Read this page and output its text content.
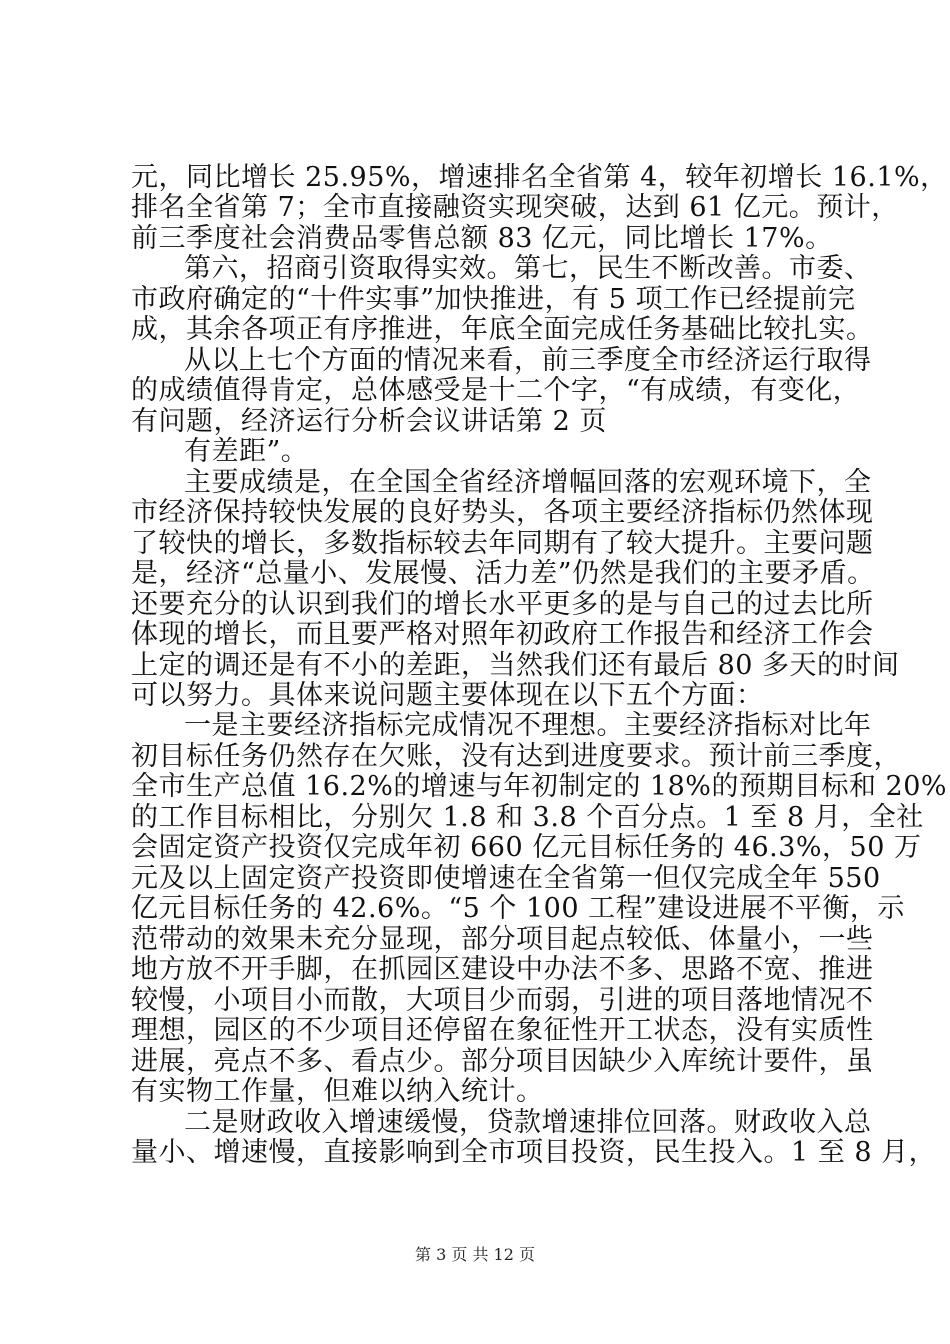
元，同比增长 25.95%，增速排名全省第 4，较年初增长 16.1%，
排名全省第 7；全市直接融资实现突破，达到 61 亿元。预计，
前三季度社会消费品零售总额 83 亿元，同比增长 17%。
第六，招商引资取得实效。第七，民生不断改善。市委、
市政府确定的“十件实事”加快推进，有 5 项工作已经提前完
成，其余各项正有序推进，年底全面完成任务基础比较扎实。
从以上七个方面的情况来看，前三季度全市经济运行取得
的成绩值得肯定，总体感受是十二个字，“有成绩，有变化，
有问题，经济运行分析会议讲话第 2 页
有差距”。
主要成绩是，在全国全省经济增幅回落的宏观环境下，全
市经济保持较快发展的良好势头，各项主要经济指标仍然体现
了较快的增长，多数指标较去年同期有了较大提升。主要问题
是，经济“总量小、发展慢、活力差”仍然是我们的主要矛盾。
还要充分的认识到我们的增长水平更多的是与自己的过去比所
体现的增长，而且要严格对照年初政府工作报告和经济工作会
上定的调还是有不小的差距，当然我们还有最后 80 多天的时间
可以努力。具体来说问题主要体现在以下五个方面：
一是主要经济指标完成情况不理想。主要经济指标对比年
初目标任务仍然存在欠账，没有达到进度要求。预计前三季度，
全市生产总值 16.2%的增速与年初制定的 18%的预期目标和 20%
的工作目标相比，分别欠 1.8 和 3.8 个百分点。1 至 8 月，全社
会固定资产投资仅完成年初 660 亿元目标任务的 46.3%，50 万
元及以上固定资产投资即使增速在全省第一但仅完成全年 550
亿元目标任务的 42.6%。“5 个 100 工程”建设进展不平衡，示
范带动的效果未充分显现，部分项目起点较低、体量小，一些
地方放不开手脚，在抓园区建设中办法不多、思路不宽、推进
较慢，小项目小而散，大项目少而弱，引进的项目落地情况不
理想，园区的不少项目还停留在象征性开工状态，没有实质性
进展，亮点不多、看点少。部分项目因缺少入库统计要件，虽
有实物工作量，但难以纳入统计。
二是财政收入增速缓慢，贷款增速排位回落。财政收入总
量小、增速慢，直接影响到全市项目投资，民生投入。1 至 8 月，
第 3 页 共 12 页
